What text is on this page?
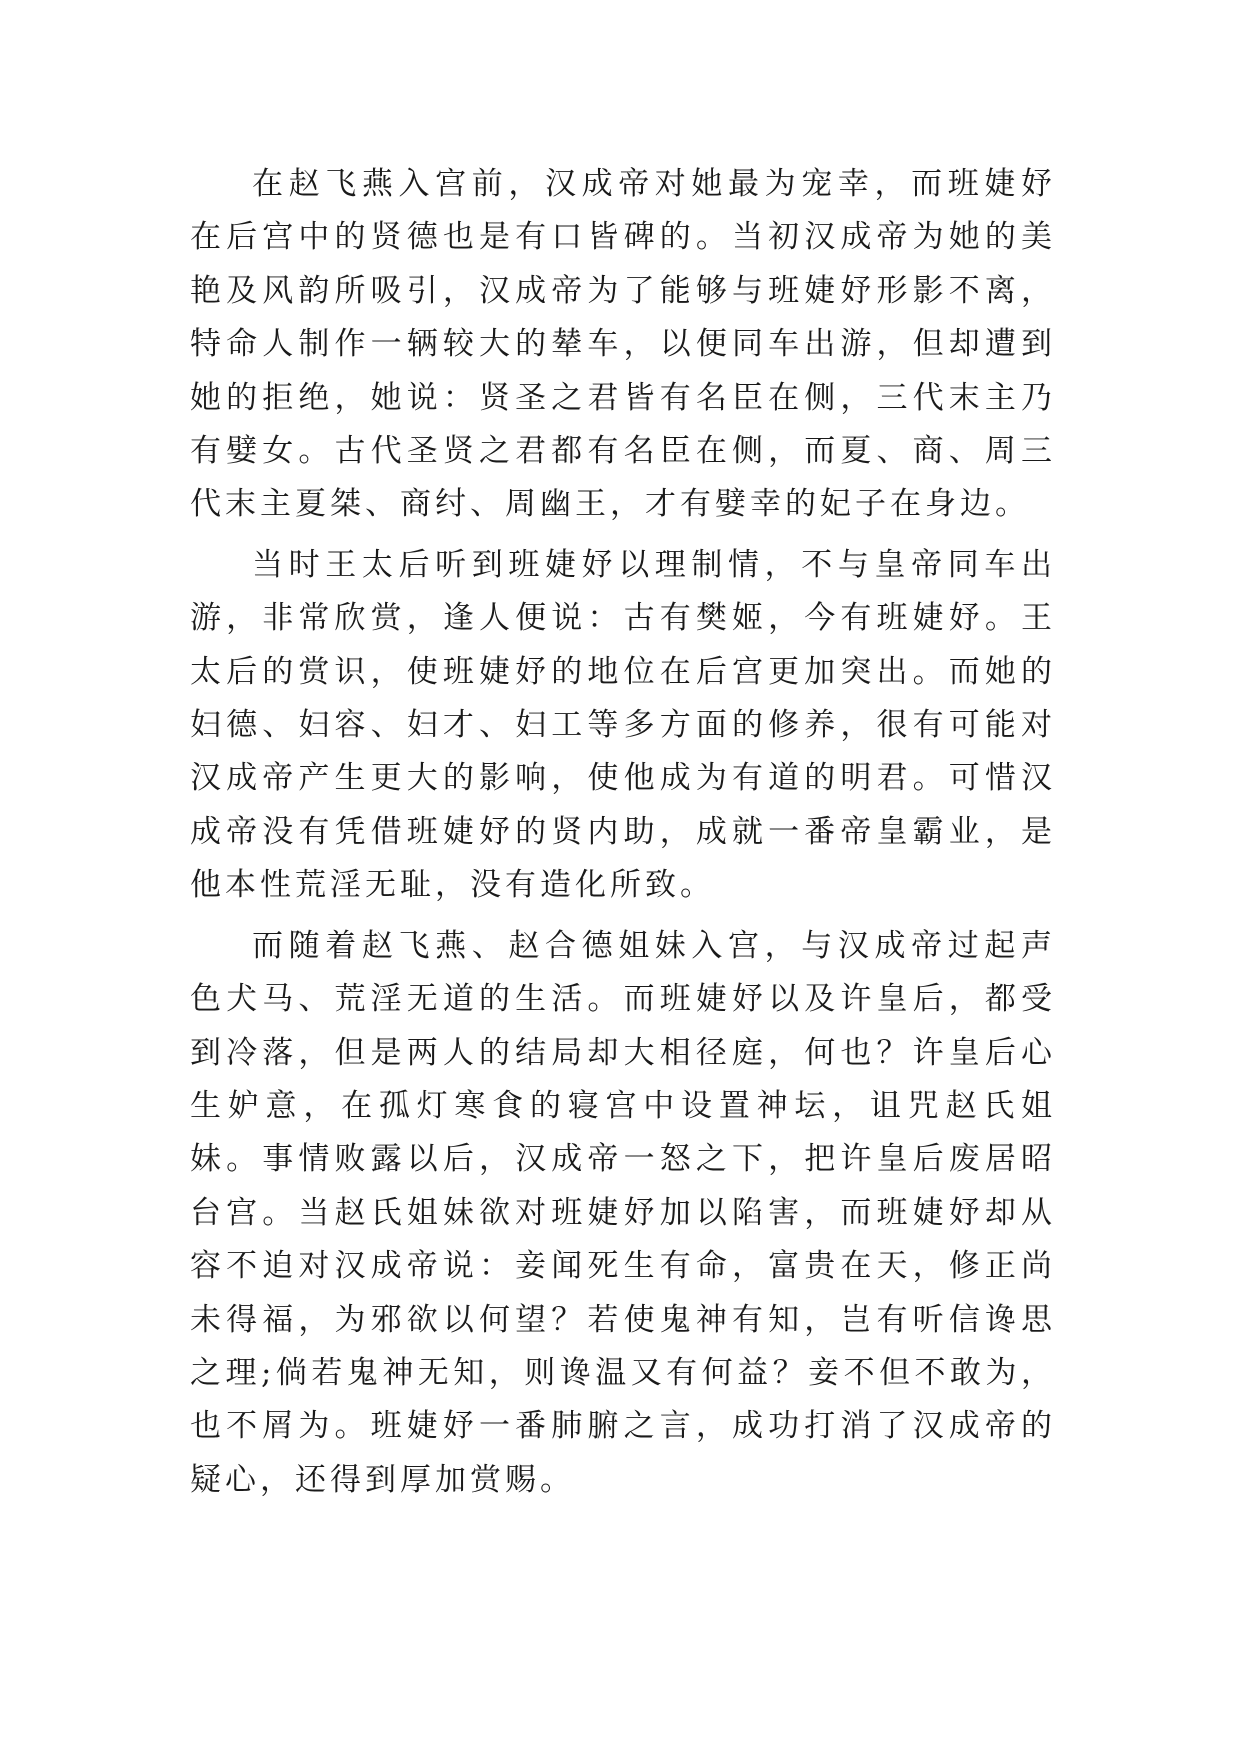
在赵飞燕入宫前，汉成帝对她最为宠幸，而班婕妤在后宫中的贤德也是有口皆碑的。当初汉成帝为她的美艳及风韵所吸引，汉成帝为了能够与班婕妤形影不离，特命人制作一辆较大的辇车，以便同车出游，但却遭到她的拒绝，她说：贤圣之君皆有名臣在侧，三代末主乃有嬖女。古代圣贤之君都有名臣在侧，而夏、商、周三代末主夏桀、商纣、周幽王，才有嬖幸的妃子在身边。

当时王太后听到班婕妤以理制情，不与皇帝同车出游，非常欣赏，逢人便说：古有樊姬，今有班婕妤。王太后的赏识，使班婕妤的地位在后宫更加突出。而她的妇德、妇容、妇才、妇工等多方面的修养，很有可能对汉成帝产生更大的影响，使他成为有道的明君。可惜汉成帝没有凭借班婕妤的贤内助，成就一番帝皇霸业，是他本性荒淫无耻，没有造化所致。

而随着赵飞燕、赵合德姐妹入宫，与汉成帝过起声色犬马、荒淫无道的生活。而班婕妤以及许皇后，都受到冷落，但是两人的结局却大相径庭，何也？许皇后心生妒意，在孤灯寒食的寝宫中设置神坛，诅咒赵氏姐妹。事情败露以后，汉成帝一怒之下，把许皇后废居昭台宫。当赵氏姐妹欲对班婕妤加以陷害，而班婕妤却从容不迫对汉成帝说：妾闻死生有命，富贵在天，修正尚未得福，为邪欲以何望？若使鬼神有知，岂有听信谗思之理;倘若鬼神无知，则谗温又有何益？妾不但不敢为，也不屑为。班婕妤一番肺腑之言，成功打消了汉成帝的疑心，还得到厚加赏赐。
